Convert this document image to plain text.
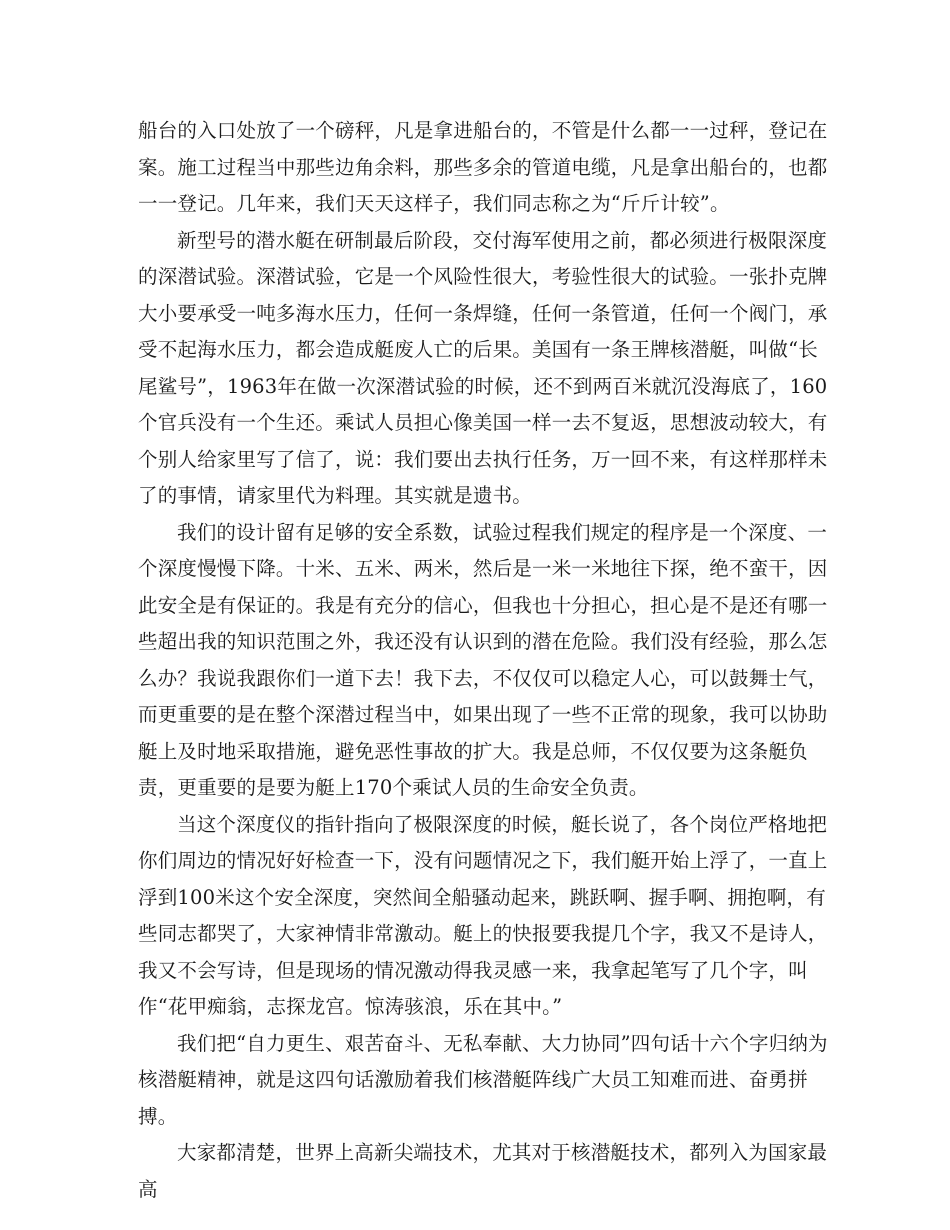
船台的入口处放了一个磅秤，凡是拿进船台的，不管是什么都一一过秤，登记在案。施工过程当中那些边角余料，那些多余的管道电缆，凡是拿出船台的，也都一一登记。几年来，我们天天这样子，我们同志称之为“斤斤计较”。

新型号的潜水艇在研制最后阶段，交付海军使用之前，都必须进行极限深度的深潜试验。深潜试验，它是一个风险性很大，考验性很大的试验。一张扑克牌大小要承受一吨多海水压力，任何一条焊缝，任何一条管道，任何一个阀门，承受不起海水压力，都会造成艇废人亡的后果。美国有一条王牌核潜艇，叫做“长尾鲨号”，1963年在做一次深潜试验的时候，还不到两百米就沉没海底了，160个官兵没有一个生还。乘试人员担心像美国一样一去不复返，思想波动较大，有个别人给家里写了信了，说：我们要出去执行任务，万一回不来，有这样那样未了的事情，请家里代为料理。其实就是遗书。

我们的设计留有足够的安全系数，试验过程我们规定的程序是一个深度、一个深度慢慢下降。十米、五米、两米，然后是一米一米地往下探，绝不蛮干，因此安全是有保证的。我是有充分的信心，但我也十分担心，担心是不是还有哪一些超出我的知识范围之外，我还没有认识到的潜在危险。我们没有经验，那么怎么办？我说我跟你们一道下去！我下去，不仅仅可以稳定人心，可以鼓舞士气，而更重要的是在整个深潜过程当中，如果出现了一些不正常的现象，我可以协助艇上及时地采取措施，避免恶性事故的扩大。我是总师，不仅仅要为这条艇负责，更重要的是要为艇上170个乘试人员的生命安全负责。

当这个深度仪的指针指向了极限深度的时候，艇长说了，各个岗位严格地把你们周边的情况好好检查一下，没有问题情况之下，我们艇开始上浮了，一直上浮到100米这个安全深度，突然间全船骚动起来，跳跃啊、握手啊、拥抱啊，有些同志都哭了，大家神情非常激动。艇上的快报要我提几个字，我又不是诗人，我又不会写诗，但是现场的情况激动得我灵感一来，我拿起笔写了几个字，叫作“花甲痴翁，志探龙宫。惊涛骇浪，乐在其中。”

我们把“自力更生、艰苦奋斗、无私奉献、大力协同”四句话十六个字归纳为核潜艇精神，就是这四句话激励着我们核潜艇阵线广大员工知难而进、奋勇拼搏。

大家都清楚，世界上高新尖端技术，尤其对于核潜艇技术，都列入为国家最高
